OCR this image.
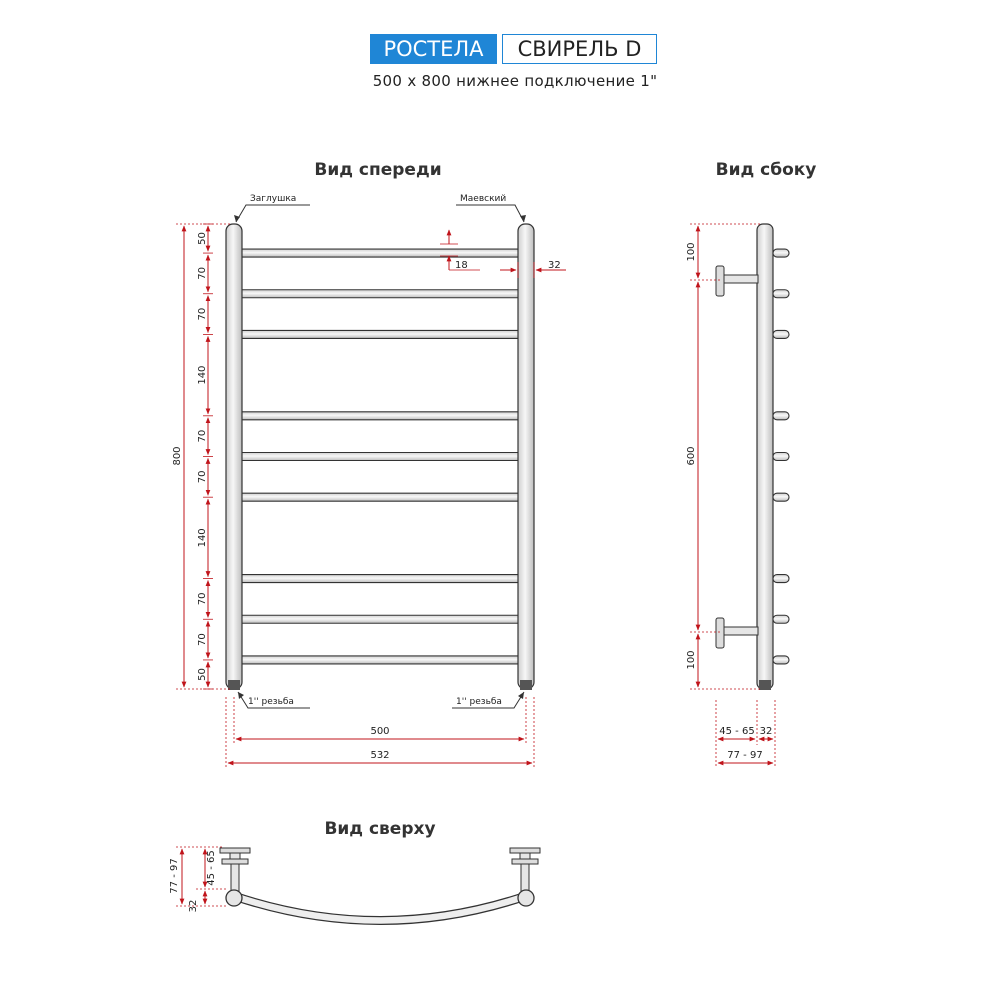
РОСТЕЛА	СВИРЕЛЬ D
500 х 800 нижнее подключение 1"
Вид спереди
Заглушка	Маевский
1'' резьба	1'' резьба
800
50
70
70
140
70
70
140
70
70
50
18	32
500
532
Вид сбоку
100
600
100
45 - 65 32
77 - 97
Вид сверху
77 - 97
32
45 - 65
